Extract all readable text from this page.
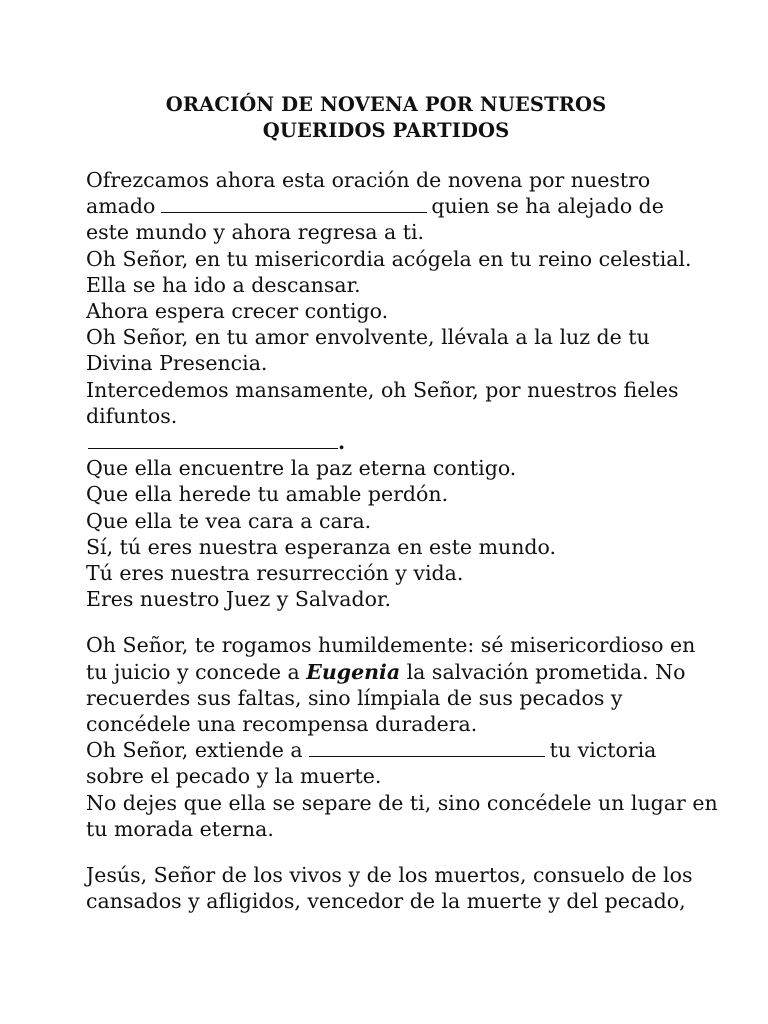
ORACIÓN DE NOVENA POR NUESTROS
QUERIDOS PARTIDOS
Ofrezcamos ahora esta oración de novena por nuestro
amado	quien se ha alejado de
este mundo y ahora regresa a ti.
Oh Señor, en tu misericordia acógela en tu reino celestial.
Ella se ha ido a descansar.
Ahora espera crecer contigo.
Oh Señor, en tu amor envolvente, llévala a la luz de tu
Divina Presencia.
Intercedemos mansamente, oh Señor, por nuestros fieles
difuntos.
.
Que ella encuentre la paz eterna contigo.
Que ella herede tu amable perdón.
Que ella te vea cara a cara.
Sí, tú eres nuestra esperanza en este mundo.
Tú eres nuestra resurrección y vida.
Eres nuestro Juez y Salvador.
Oh Señor, te rogamos humildemente: sé misericordioso en
tu juicio y concede a Eugenia la salvación prometida. No
recuerdes sus faltas, sino límpiala de sus pecados y
concédele una recompensa duradera.
Oh Señor, extiende a	tu victoria
sobre el pecado y la muerte.
No dejes que ella se separe de ti, sino concédele un lugar en
tu morada eterna.
Jesús, Señor de los vivos y de los muertos, consuelo de los
cansados y afligidos, vencedor de la muerte y del pecado,
